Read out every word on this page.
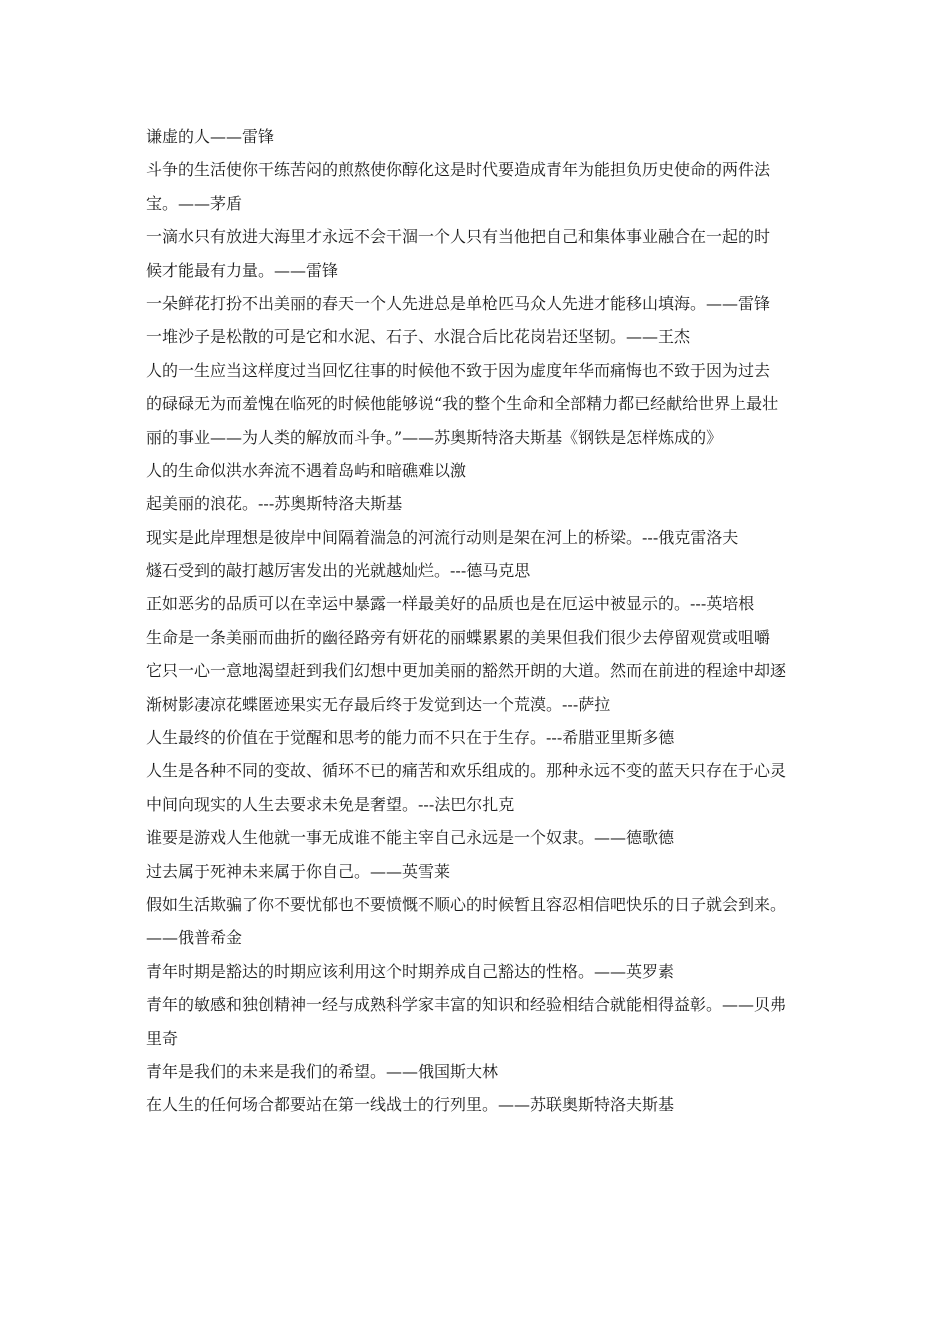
谦虚的人——雷锋
斗争的生活使你干练苦闷的煎熬使你醇化这是时代要造成青年为能担负历史使命的两件法
宝。——茅盾
一滴水只有放进大海里才永远不会干涸一个人只有当他把自己和集体事业融合在一起的时
候才能最有力量。——雷锋
一朵鲜花打扮不出美丽的春天一个人先进总是单枪匹马众人先进才能移山填海。——雷锋
一堆沙子是松散的可是它和水泥、石子、水混合后比花岗岩还坚韧。——王杰
人的一生应当这样度过当回忆往事的时候他不致于因为虚度年华而痛悔也不致于因为过去
的碌碌无为而羞愧在临死的时候他能够说“我的整个生命和全部精力都已经献给世界上最壮
丽的事业——为人类的解放而斗争。”——苏奥斯特洛夫斯基《钢铁是怎样炼成的》
人的生命似洪水奔流不遇着岛屿和暗礁难以激
起美丽的浪花。---苏奥斯特洛夫斯基
现实是此岸理想是彼岸中间隔着湍急的河流行动则是架在河上的桥梁。---俄克雷洛夫
燧石受到的敲打越厉害发出的光就越灿烂。---德马克思
正如恶劣的品质可以在幸运中暴露一样最美好的品质也是在厄运中被显示的。---英培根
生命是一条美丽而曲折的幽径路旁有妍花的丽蝶累累的美果但我们很少去停留观赏或咀嚼
它只一心一意地渴望赶到我们幻想中更加美丽的豁然开朗的大道。然而在前进的程途中却逐
渐树影凄凉花蝶匿迹果实无存最后终于发觉到达一个荒漠。---萨拉
人生最终的价值在于觉醒和思考的能力而不只在于生存。---希腊亚里斯多德
人生是各种不同的变故、循环不已的痛苦和欢乐组成的。那种永远不变的蓝天只存在于心灵
中间向现实的人生去要求未免是奢望。---法巴尔扎克
谁要是游戏人生他就一事无成谁不能主宰自己永远是一个奴隶。——德歌德
过去属于死神未来属于你自己。——英雪莱
假如生活欺骗了你不要忧郁也不要愤慨不顺心的时候暂且容忍相信吧快乐的日子就会到来。
——俄普希金
青年时期是豁达的时期应该利用这个时期养成自己豁达的性格。——英罗素
青年的敏感和独创精神一经与成熟科学家丰富的知识和经验相结合就能相得益彰。——贝弗
里奇
青年是我们的未来是我们的希望。——俄国斯大林
在人生的任何场合都要站在第一线战士的行列里。——苏联奥斯特洛夫斯基
